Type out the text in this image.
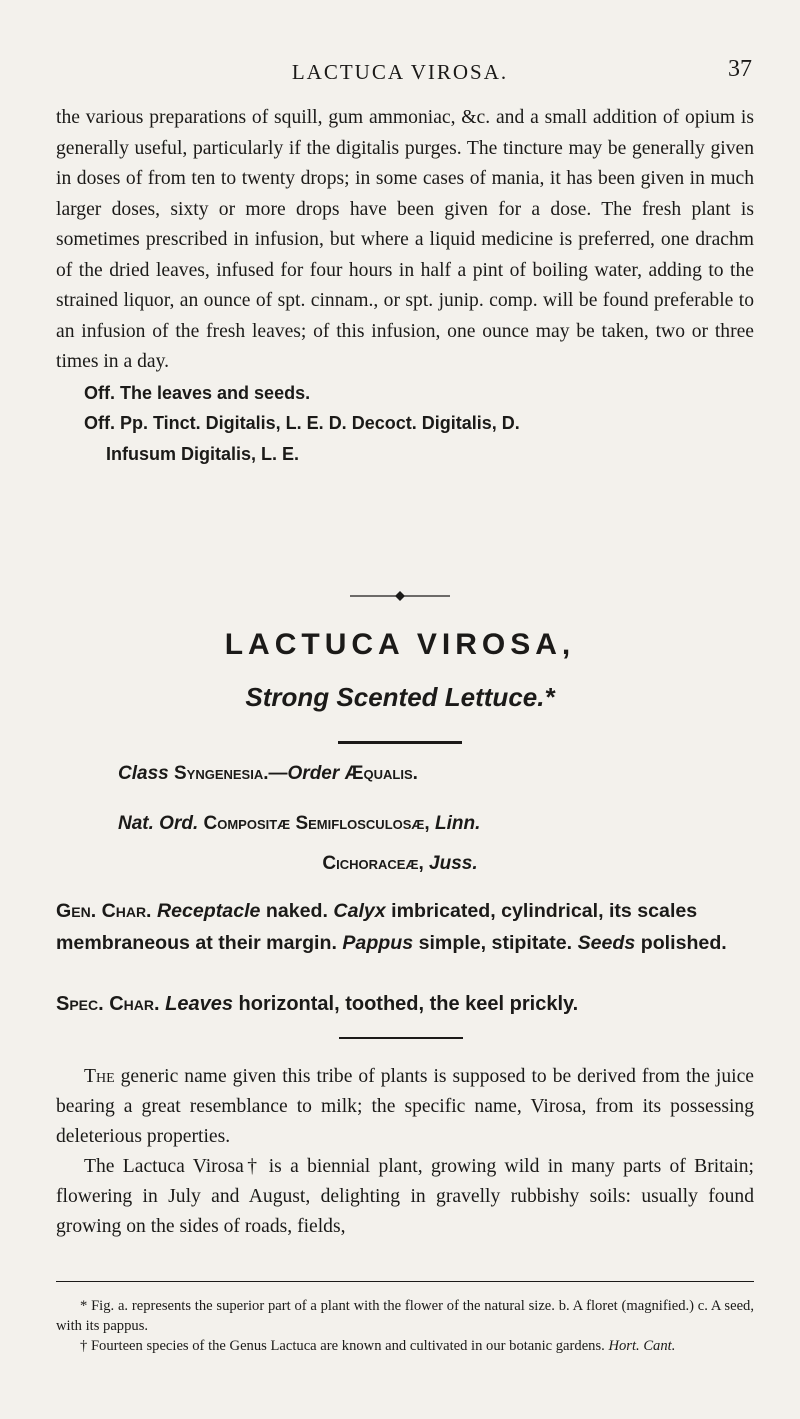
LACTUCA VIROSA.	37

the various preparations of squill, gum ammoniac, &c. and a small addition of opium is generally useful, particularly if the digitalis purges. The tincture may be generally given in doses of from ten to twenty drops; in some cases of mania, it has been given in much larger doses, sixty or more drops have been given for a dose. The fresh plant is sometimes prescribed in infusion, but where a liquid medicine is preferred, one drachm of the dried leaves, infused for four hours in half a pint of boiling water, adding to the strained liquor, an ounce of spt. cinnam., or spt. junip. comp. will be found preferable to an infusion of the fresh leaves; of this infusion, one ounce may be taken, two or three times in a day.

Off. The leaves and seeds.

Off. Pp. Tinct. Digitalis, L. E. D. Decoct. Digitalis, D.

Infusum Digitalis, L. E.

LACTUCA VIROSA,
Strong Scented Lettuce.*
Class Syngenesia.—Order Æqualis.
Nat. Ord. Compositæ Semiflosculosæ, Linn.
Cichoraceæ, Juss.
Gen. Char. Receptacle naked. Calyx imbricated, cylindrical, its scales membraneous at their margin. Pappus simple, stipitate. Seeds polished.
Spec. Char. Leaves horizontal, toothed, the keel prickly.

The generic name given this tribe of plants is supposed to be derived from the juice bearing a great resemblance to milk; the specific name, Virosa, from its possessing deleterious properties.

The Lactuca Virosa† is a biennial plant, growing wild in many parts of Britain; flowering in July and August, delighting in gravelly rubbishy soils: usually found growing on the sides of roads, fields,

* Fig. a. represents the superior part of a plant with the flower of the natural size. b. A floret (magnified.) c. A seed, with its pappus.

† Fourteen species of the Genus Lactuca are known and cultivated in our botanic gardens. Hort. Cant.
